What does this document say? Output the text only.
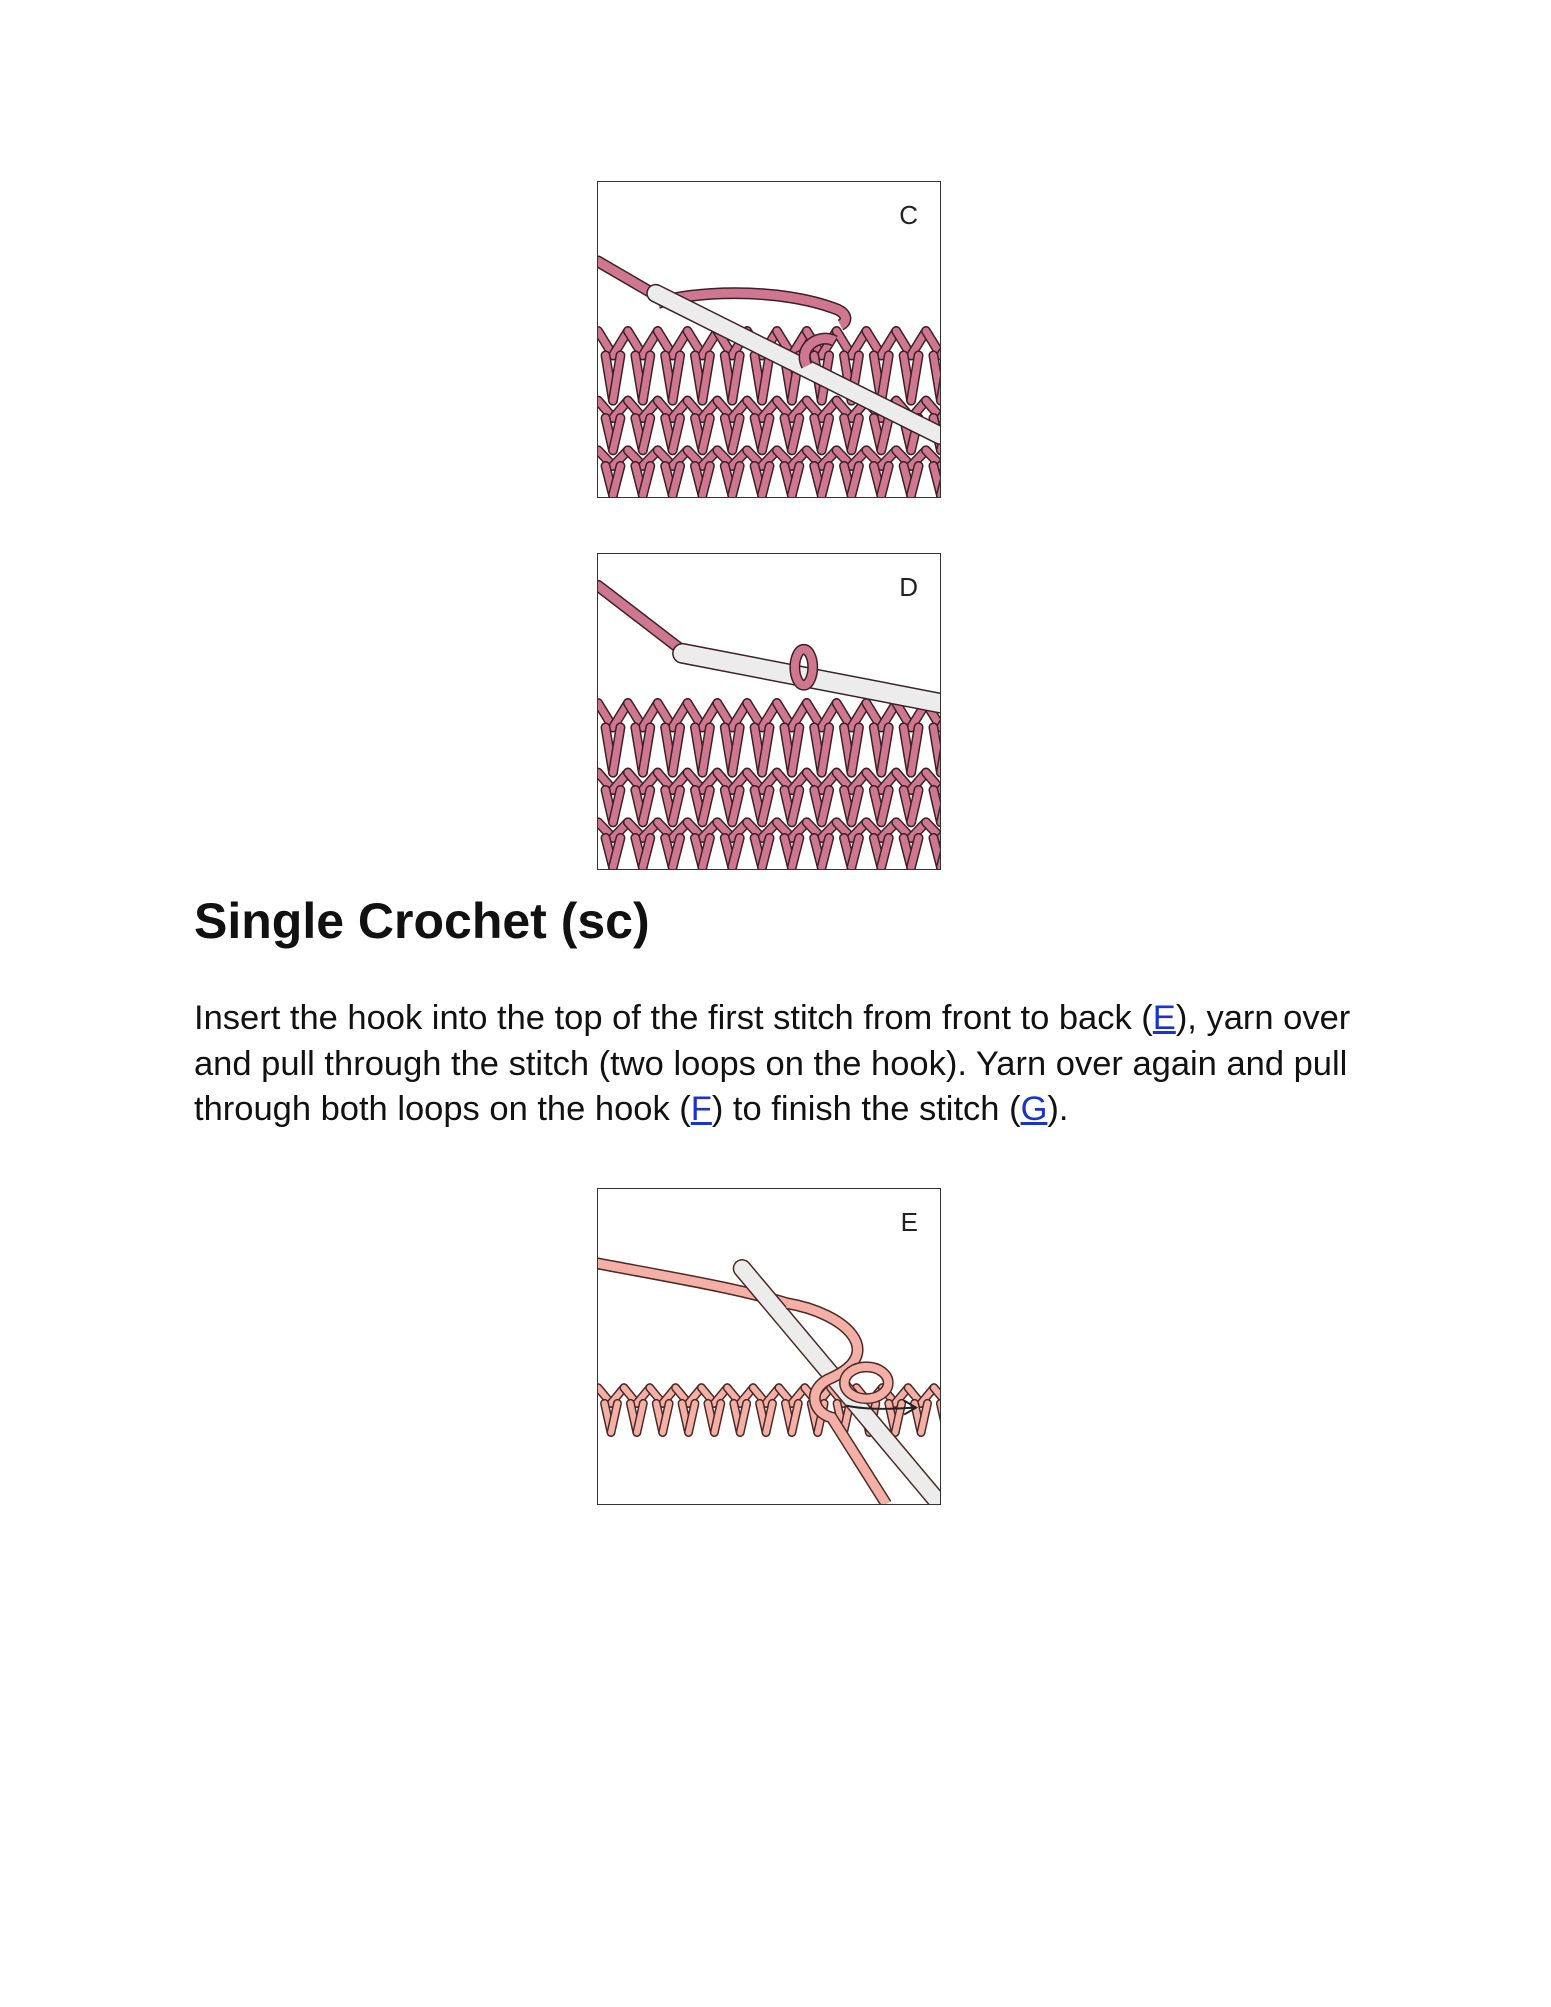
C
D
Single Crochet (sc)

Insert the hook into the top of the first stitch from front to back (E), yarn over and pull through the stitch (two loops on the hook). Yarn over again and pull through both loops on the hook (F) to finish the stitch (G).

E
